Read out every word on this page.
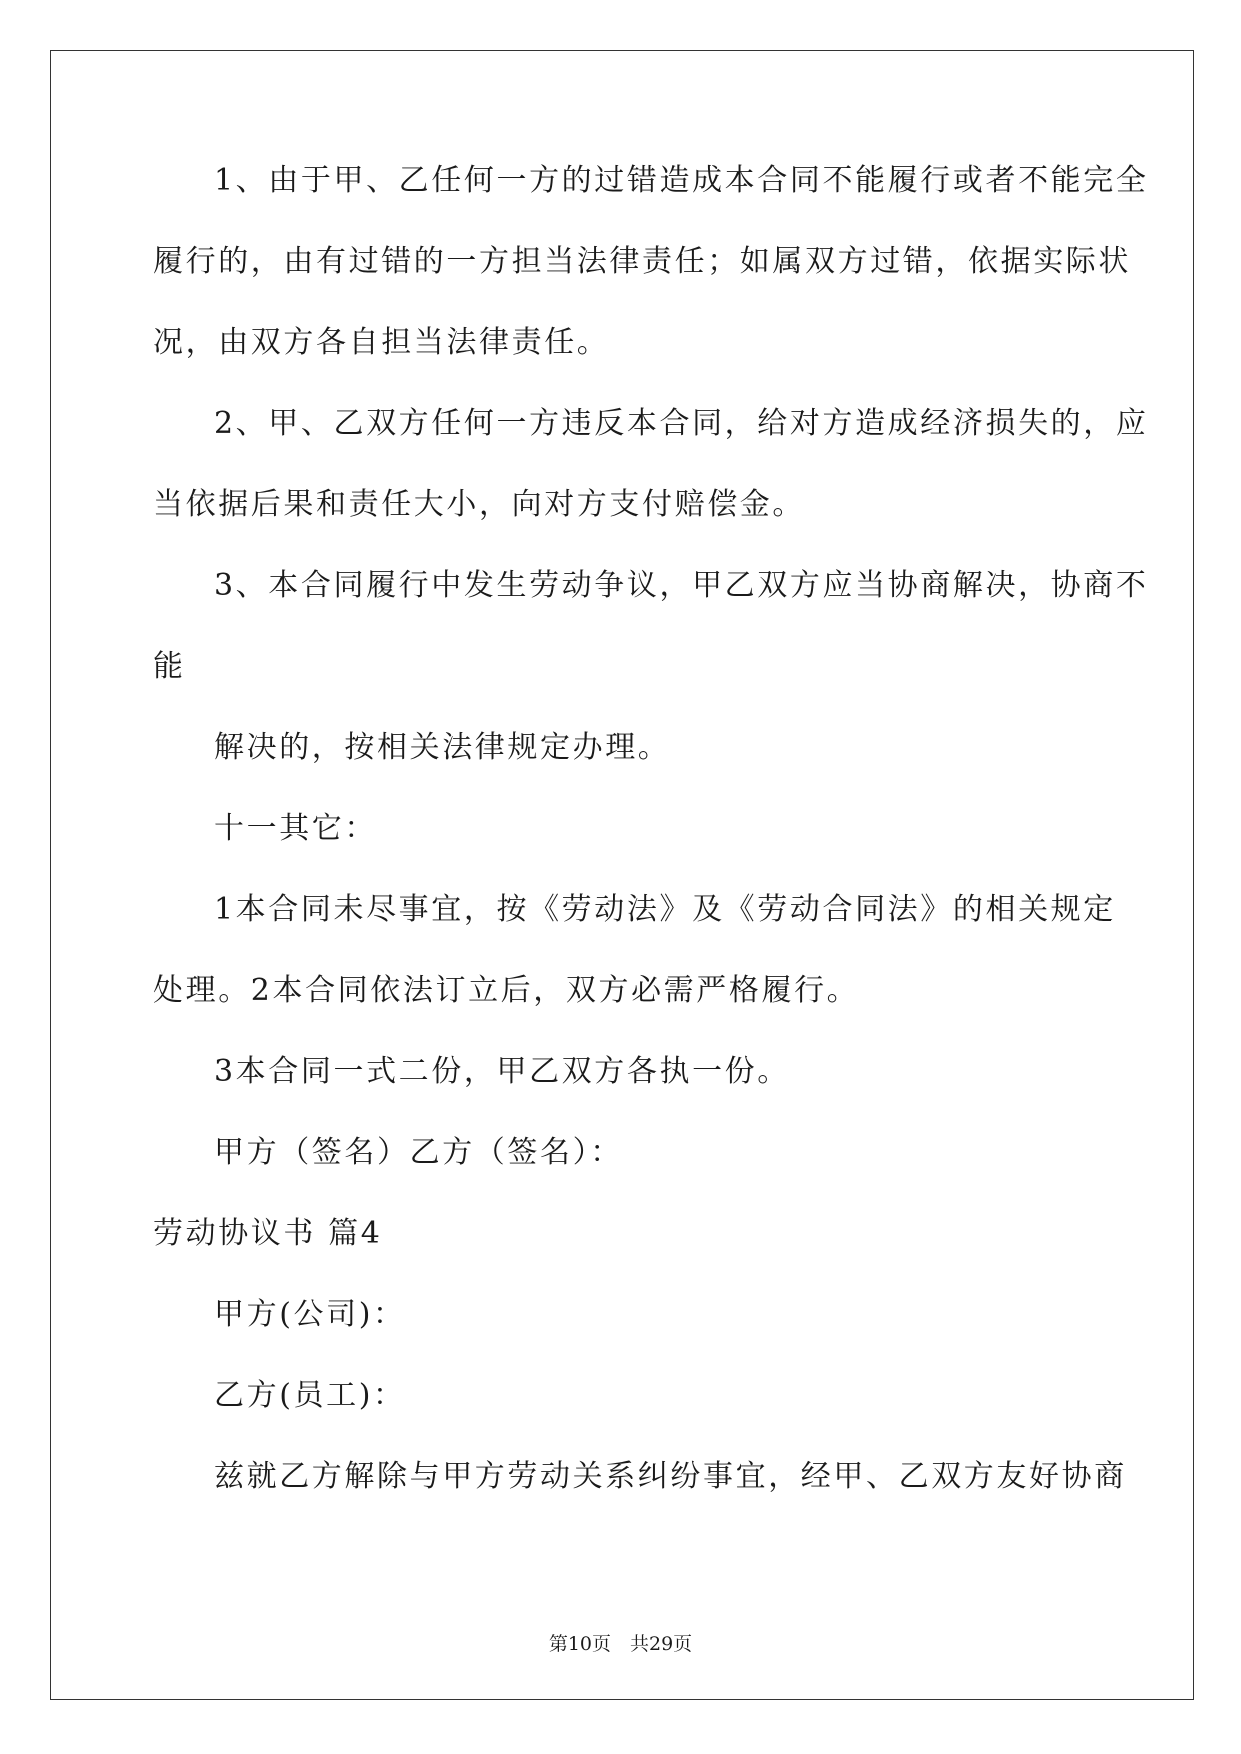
1、由于甲、乙任何一方的过错造成本合同不能履行或者不能完全
履行的，由有过错的一方担当法律责任；如属双方过错，依据实际状
况，由双方各自担当法律责任。
2、甲、乙双方任何一方违反本合同，给对方造成经济损失的，应
当依据后果和责任大小，向对方支付赔偿金。
3、本合同履行中发生劳动争议，甲乙双方应当协商解决，协商不
能
解决的，按相关法律规定办理。
十一其它：
1本合同未尽事宜，按《劳动法》及《劳动合同法》的相关规定
处理。2本合同依法订立后，双方必需严格履行。
3本合同一式二份，甲乙双方各执一份。
甲方（签名）乙方（签名）：
劳动协议书 篇4
甲方(公司)：
乙方(员工)：
兹就乙方解除与甲方劳动关系纠纷事宜，经甲、乙双方友好协商
第10页　共29页
